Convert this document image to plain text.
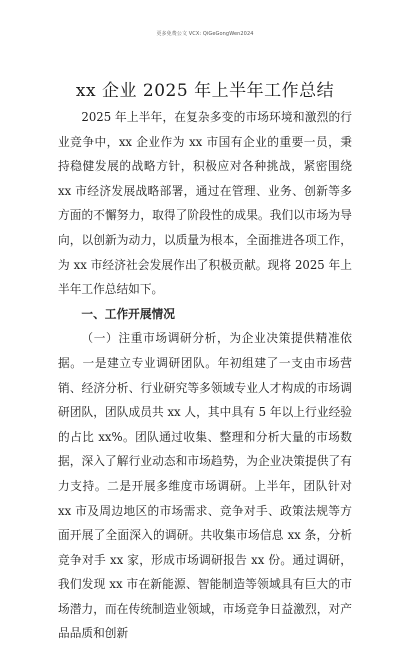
更多免费公文 VCX: QiGeGongWen2024
xx 企业 2025 年上半年工作总结

2025 年上半年，在复杂多变的市场环境和激烈的行业竞争中，xx 企业作为 xx 市国有企业的重要一员，秉持稳健发展的战略方针，积极应对各种挑战，紧密围绕 xx 市经济发展战略部署，通过在管理、业务、创新等多方面的不懈努力，取得了阶段性的成果。我们以市场为导向，以创新为动力，以质量为根本，全面推进各项工作，为 xx 市经济社会发展作出了积极贡献。现将 2025 年上半年工作总结如下。

一、工作开展情况

（一）注重市场调研分析，为企业决策提供精准依据。一是建立专业调研团队。年初组建了一支由市场营销、经济分析、行业研究等多领域专业人才构成的市场调研团队，团队成员共 xx 人，其中具有 5 年以上行业经验的占比 xx%。团队通过收集、整理和分析大量的市场数据，深入了解行业动态和市场趋势，为企业决策提供了有力支持。二是开展多维度市场调研。上半年，团队针对 xx 市及周边地区的市场需求、竞争对手、政策法规等方面开展了全面深入的调研。共收集市场信息 xx 条，分析竞争对手 xx 家，形成市场调研报告 xx 份。通过调研，我们发现 xx 市在新能源、智能制造等领域具有巨大的市场潜力，而在传统制造业领域，市场竞争日益激烈，对产品品质和创新
